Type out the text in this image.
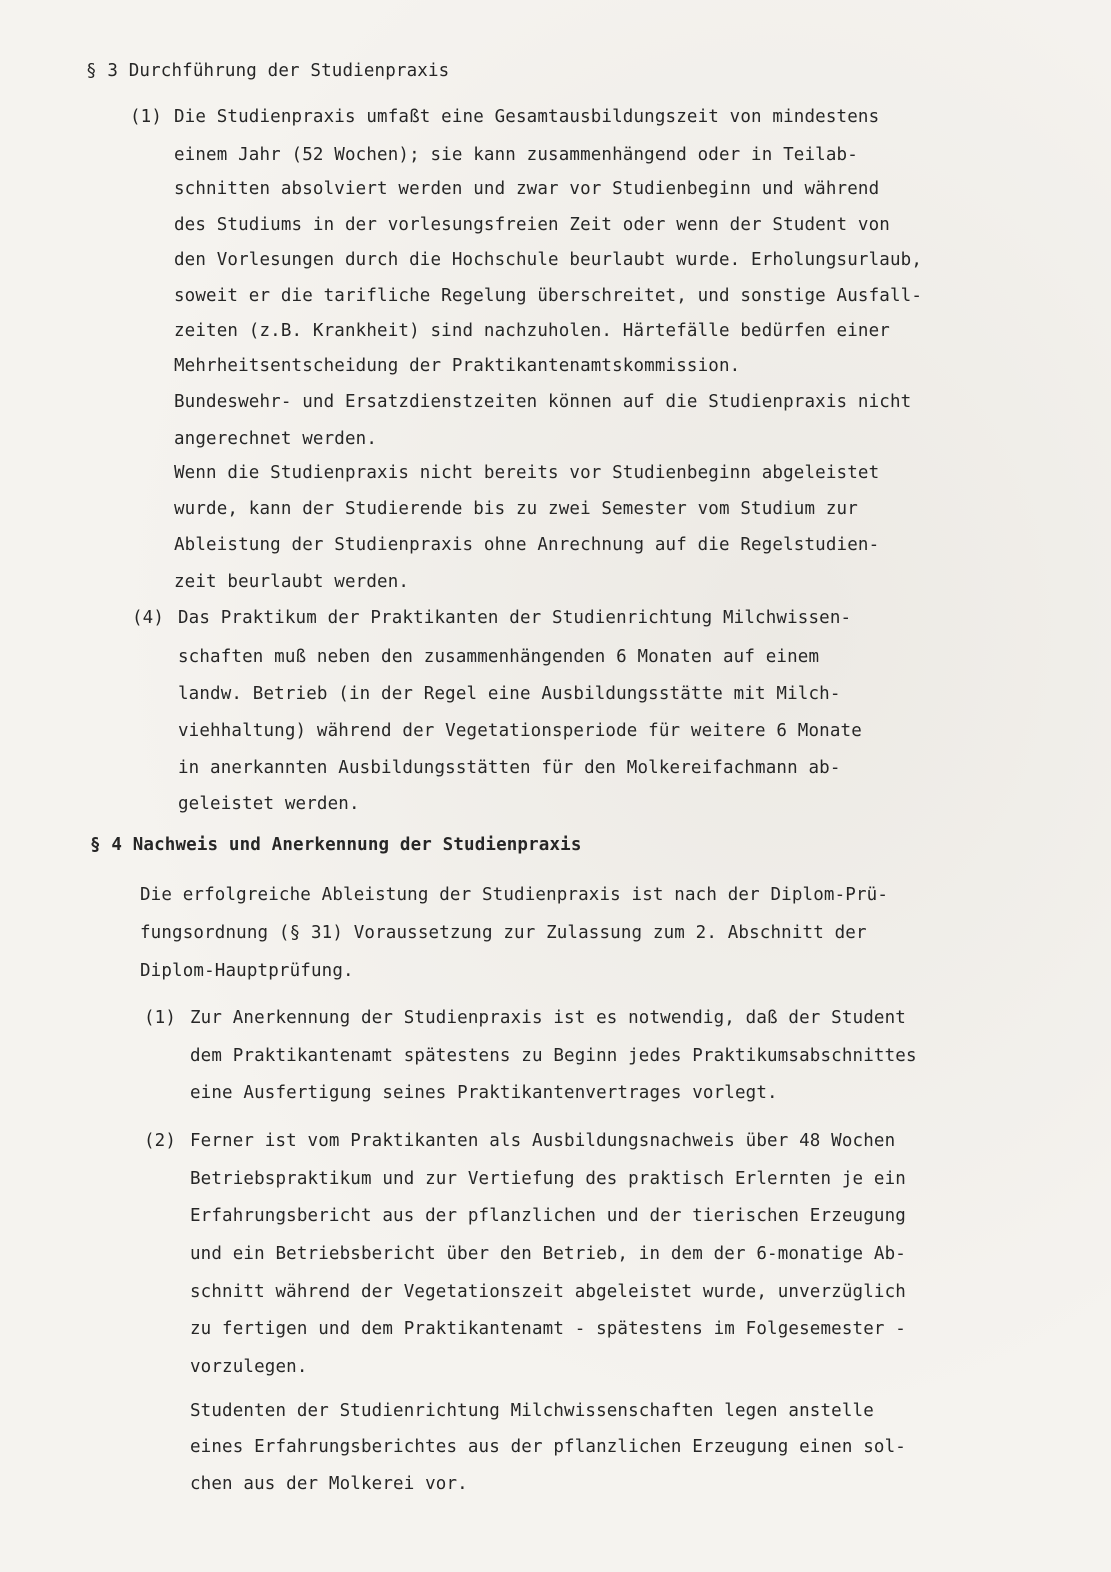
§ 3 Durchführung der Studienpraxis
(1) Die Studienpraxis umfaßt eine Gesamtausbildungszeit von mindestens
einem Jahr (52 Wochen); sie kann zusammenhängend oder in Teilab-
schnitten absolviert werden und zwar vor Studienbeginn und während
des Studiums in der vorlesungsfreien Zeit oder wenn der Student von
den Vorlesungen durch die Hochschule beurlaubt wurde. Erholungsurlaub,
soweit er die tarifliche Regelung überschreitet, und sonstige Ausfall-
zeiten (z.B. Krankheit) sind nachzuholen. Härtefälle bedürfen einer
Mehrheitsentscheidung der Praktikantenamtskommission.
Bundeswehr- und Ersatzdienstzeiten können auf die Studienpraxis nicht
angerechnet werden.
Wenn die Studienpraxis nicht bereits vor Studienbeginn abgeleistet
wurde, kann der Studierende bis zu zwei Semester vom Studium zur
Ableistung der Studienpraxis ohne Anrechnung auf die Regelstudien-
zeit beurlaubt werden.
(4) Das Praktikum der Praktikanten der Studienrichtung Milchwissen-
schaften muß neben den zusammenhängenden 6 Monaten auf einem
landw. Betrieb (in der Regel eine Ausbildungsstätte mit Milch-
viehhaltung) während der Vegetationsperiode für weitere 6 Monate
in anerkannten Ausbildungsstätten für den Molkereifachmann ab-
geleistet werden.
§ 4 Nachweis und Anerkennung der Studienpraxis
Die erfolgreiche Ableistung der Studienpraxis ist nach der Diplom-Prü-
fungsordnung (§ 31) Voraussetzung zur Zulassung zum 2. Abschnitt der
Diplom-Hauptprüfung.
(1) Zur Anerkennung der Studienpraxis ist es notwendig, daß der Student
dem Praktikantenamt spätestens zu Beginn jedes Praktikumsabschnittes
eine Ausfertigung seines Praktikantenvertrages vorlegt.
(2) Ferner ist vom Praktikanten als Ausbildungsnachweis über 48 Wochen
Betriebspraktikum und zur Vertiefung des praktisch Erlernten je ein
Erfahrungsbericht aus der pflanzlichen und der tierischen Erzeugung
und ein Betriebsbericht über den Betrieb, in dem der 6-monatige Ab-
schnitt während der Vegetationszeit abgeleistet wurde, unverzüglich
zu fertigen und dem Praktikantenamt - spätestens im Folgesemester -
vorzulegen.
Studenten der Studienrichtung Milchwissenschaften legen anstelle
eines Erfahrungsberichtes aus der pflanzlichen Erzeugung einen sol-
chen aus der Molkerei vor.
